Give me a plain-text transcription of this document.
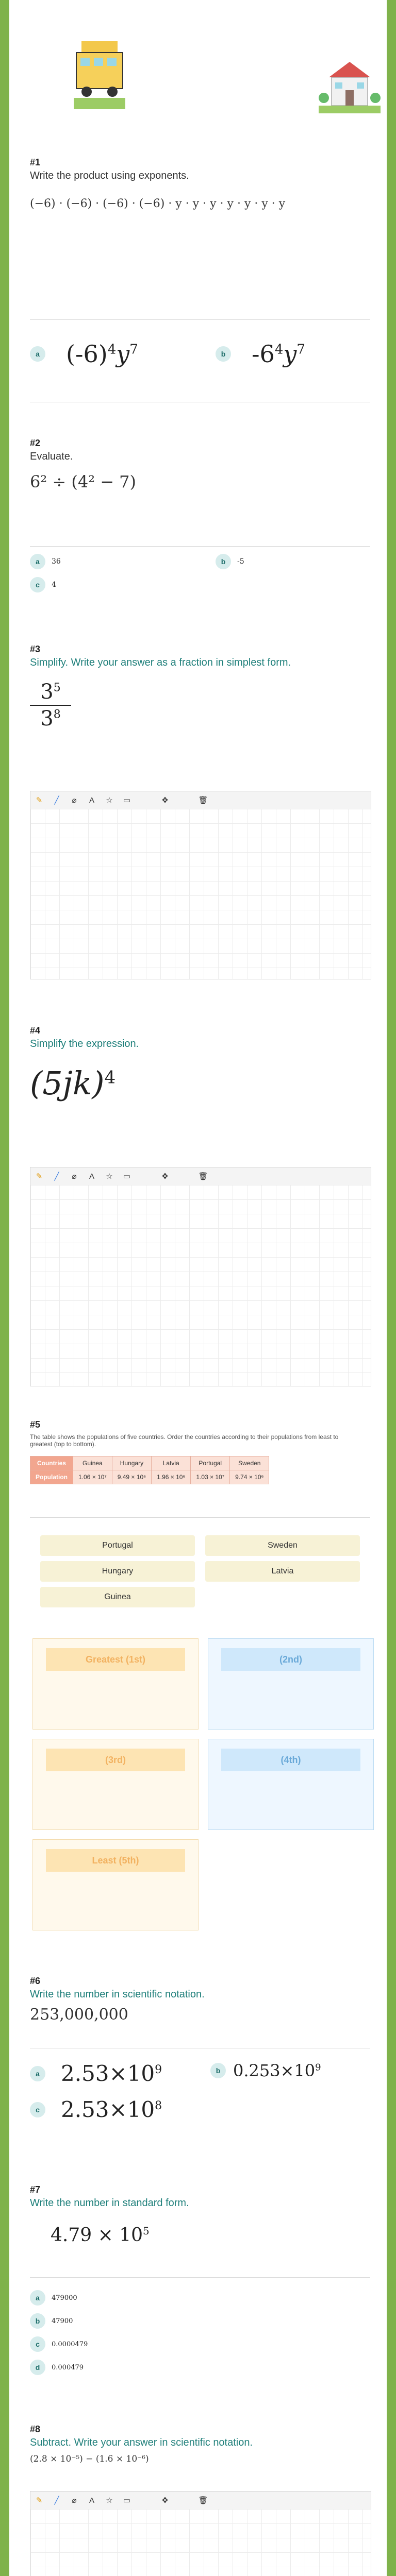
#1
Write the product using exponents.
(−6) · (−6) · (−6) · (−6) · y · y · y · y · y · y · y
a $(-6)^4y^7$	b $-6^4y^7$
#2
Evaluate.
6² ÷ (4² − 7)
a	36	b	-5
c	4
#3
Simplify. Write your answer as a fraction in simplest form.
$3^5$
$3^8$
✎	╱	⌀	A	☆	▭	✥	🗑
#4
Simplify the expression.
$(5jk)^4$
✎	╱	⌀	A	☆	▭	✥	🗑
#5
The table shows the populations of five countries. Order the countries according to their populations from least to greatest (top to bottom).
Countries	Guinea	Hungary	Latvia	Portugal	Sweden
Population	1.06 × 10⁷	9.49 × 10⁶	1.96 × 10⁶	1.03 × 10⁷	9.74 × 10⁶
Portugal	Sweden
Hungary	Latvia
Guinea
Greatest (1st)	(2nd)
(3rd)	(4th)
Least (5th)
#6
Write the number in scientific notation.
253,000,000
a $2.53\times 10^9$	b $0.253\times 10^9$
c $2.53\times 10^8$
#7
Write the number in standard form.
$4.79 \times 10^5$
a	479000
b	47900
c	0.0000479
d	0.000479
#8
Subtract. Write your answer in scientific notation.
(2.8 × 10⁻⁵) − (1.6 × 10⁻⁶)
✎	╱	⌀	A	☆	▭	✥	🗑
